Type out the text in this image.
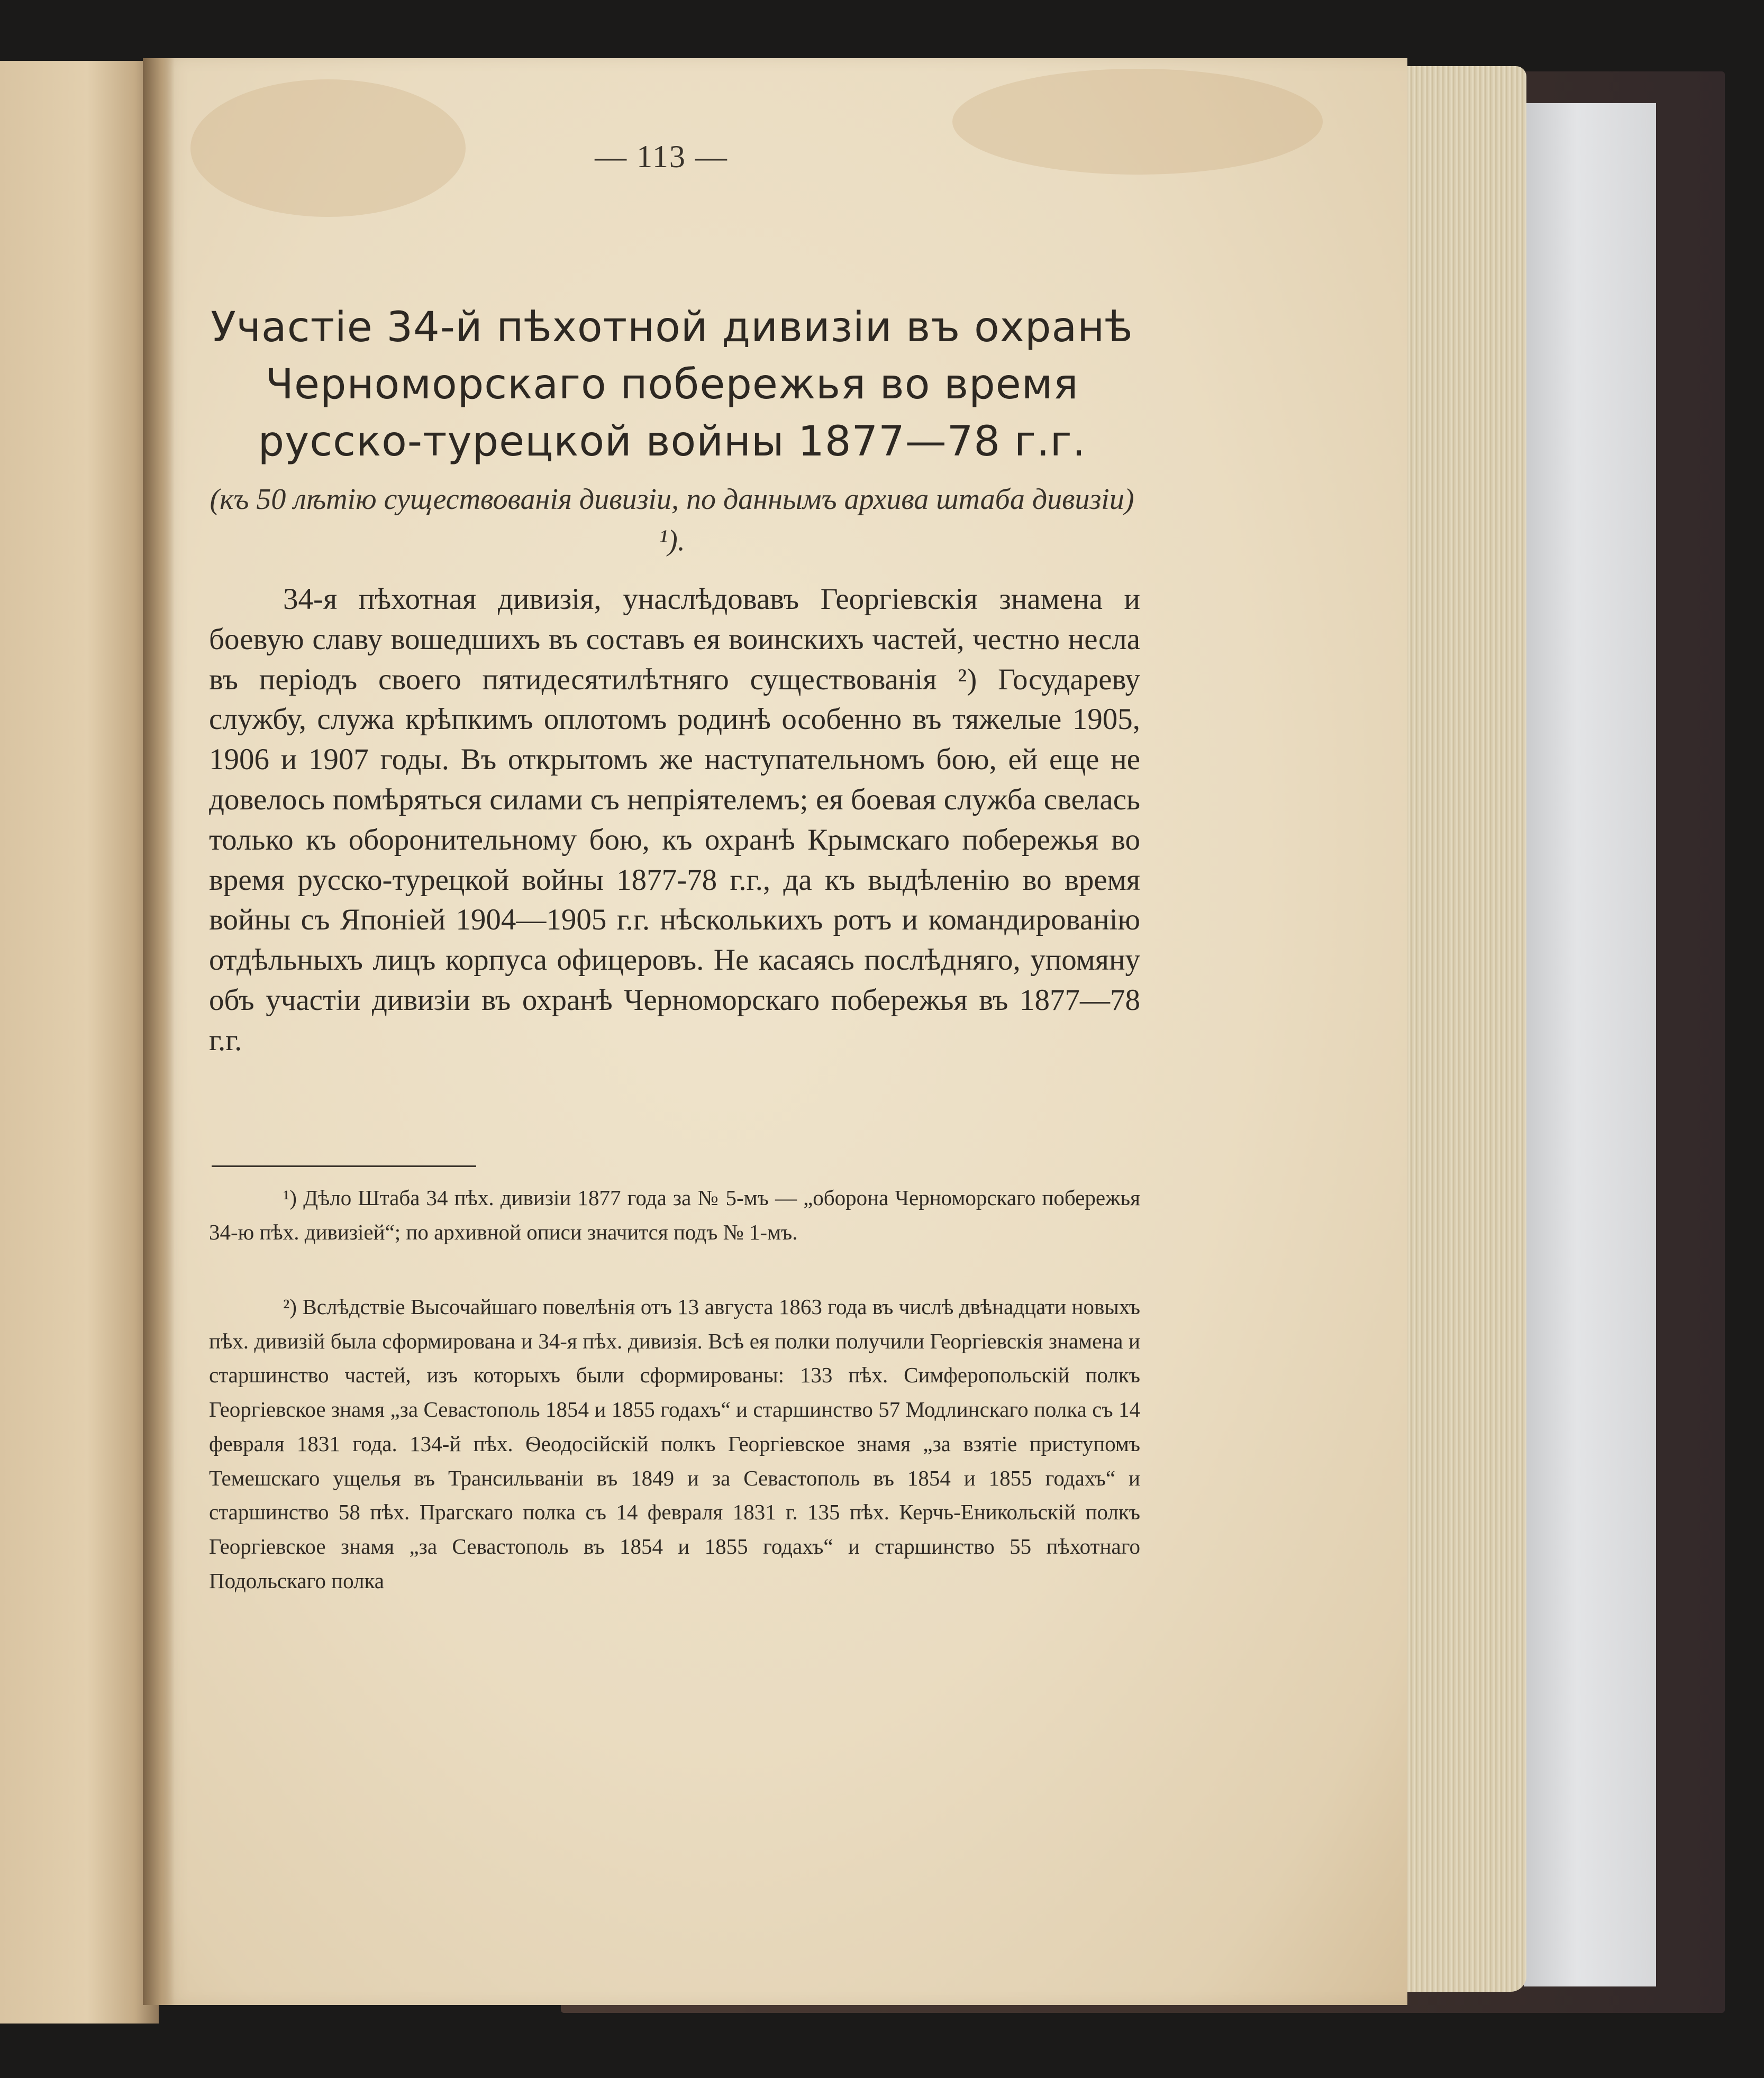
— 113 —
Участіе 34-й пѣхотной дивизіи въ охранѣ Черноморскаго побережья во время русско-турецкой войны 1877—78 г.г.
(къ 50 лѣтію существованія дивизіи, по даннымъ архива штаба дивизіи) ¹).

34-я пѣхотная дивизія, унаслѣдовавъ Георгіевскія знамена и боевую славу вошедшихъ въ составъ ея воинскихъ частей, честно несла въ періодъ своего пятидесятилѣтняго существованія ²) Государеву службу, служа крѣпкимъ оплотомъ родинѣ особенно въ тяжелые 1905, 1906 и 1907 годы. Въ открытомъ же наступательномъ бою, ей еще не довелось помѣряться силами съ непріятелемъ; ея боевая служба свелась только къ оборонительному бою, къ охранѣ Крымскаго побережья во время русско-турецкой войны 1877-78 г.г., да къ выдѣленію во время войны съ Японіей 1904—1905 г.г. нѣсколькихъ ротъ и командированію отдѣльныхъ лицъ корпуса офицеровъ. Не касаясь послѣдняго, упомяну объ участіи дивизіи въ охранѣ Черноморскаго побережья въ 1877—78 г.г.

¹) Дѣло Штаба 34 пѣх. дивизіи 1877 года за № 5-мъ — „оборона Черноморскаго побережья 34-ю пѣх. дивизіей“; по архивной описи значится подъ № 1-мъ.

²) Вслѣдствіе Высочайшаго повелѣнія отъ 13 августа 1863 года въ числѣ двѣнадцати новыхъ пѣх. дивизій была сформирована и 34-я пѣх. дивизія. Всѣ ея полки получили Георгіевскія знамена и старшинство частей, изъ которыхъ были сформированы: 133 пѣх. Симферопольскій полкъ Георгіевское знамя „за Севастополь 1854 и 1855 годахъ“ и старшинство 57 Модлинскаго полка съ 14 февраля 1831 года. 134-й пѣх. Ѳеодосійскій полкъ Георгіевское знамя „за взятіе приступомъ Темешскаго ущелья въ Трансильваніи въ 1849 и за Севастополь въ 1854 и 1855 годахъ“ и старшинство 58 пѣх. Прагскаго полка съ 14 февраля 1831 г. 135 пѣх. Керчь-Еникольскій полкъ Георгіевское знамя „за Севастополь въ 1854 и 1855 годахъ“ и старшинство 55 пѣхотнаго Подольскаго полка
